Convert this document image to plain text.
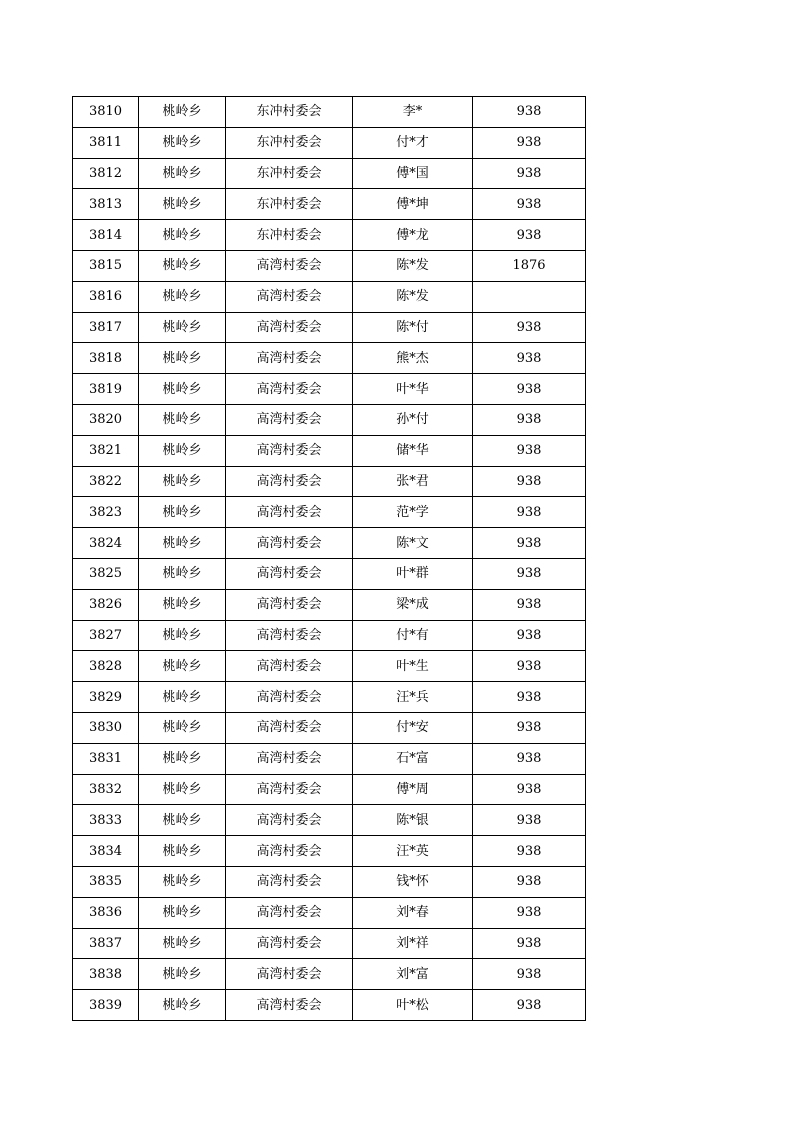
3810	桃岭乡	东冲村委会	李*	938
3811	桃岭乡	东冲村委会	付*才	938
3812	桃岭乡	东冲村委会	傅*国	938
3813	桃岭乡	东冲村委会	傅*坤	938
3814	桃岭乡	东冲村委会	傅*龙	938
3815	桃岭乡	高湾村委会	陈*发	1876
3816	桃岭乡	高湾村委会	陈*发	
3817	桃岭乡	高湾村委会	陈*付	938
3818	桃岭乡	高湾村委会	熊*杰	938
3819	桃岭乡	高湾村委会	叶*华	938
3820	桃岭乡	高湾村委会	孙*付	938
3821	桃岭乡	高湾村委会	储*华	938
3822	桃岭乡	高湾村委会	张*君	938
3823	桃岭乡	高湾村委会	范*学	938
3824	桃岭乡	高湾村委会	陈*文	938
3825	桃岭乡	高湾村委会	叶*群	938
3826	桃岭乡	高湾村委会	梁*成	938
3827	桃岭乡	高湾村委会	付*有	938
3828	桃岭乡	高湾村委会	叶*生	938
3829	桃岭乡	高湾村委会	汪*兵	938
3830	桃岭乡	高湾村委会	付*安	938
3831	桃岭乡	高湾村委会	石*富	938
3832	桃岭乡	高湾村委会	傅*周	938
3833	桃岭乡	高湾村委会	陈*银	938
3834	桃岭乡	高湾村委会	汪*英	938
3835	桃岭乡	高湾村委会	钱*怀	938
3836	桃岭乡	高湾村委会	刘*春	938
3837	桃岭乡	高湾村委会	刘*祥	938
3838	桃岭乡	高湾村委会	刘*富	938
3839	桃岭乡	高湾村委会	叶*松	938
